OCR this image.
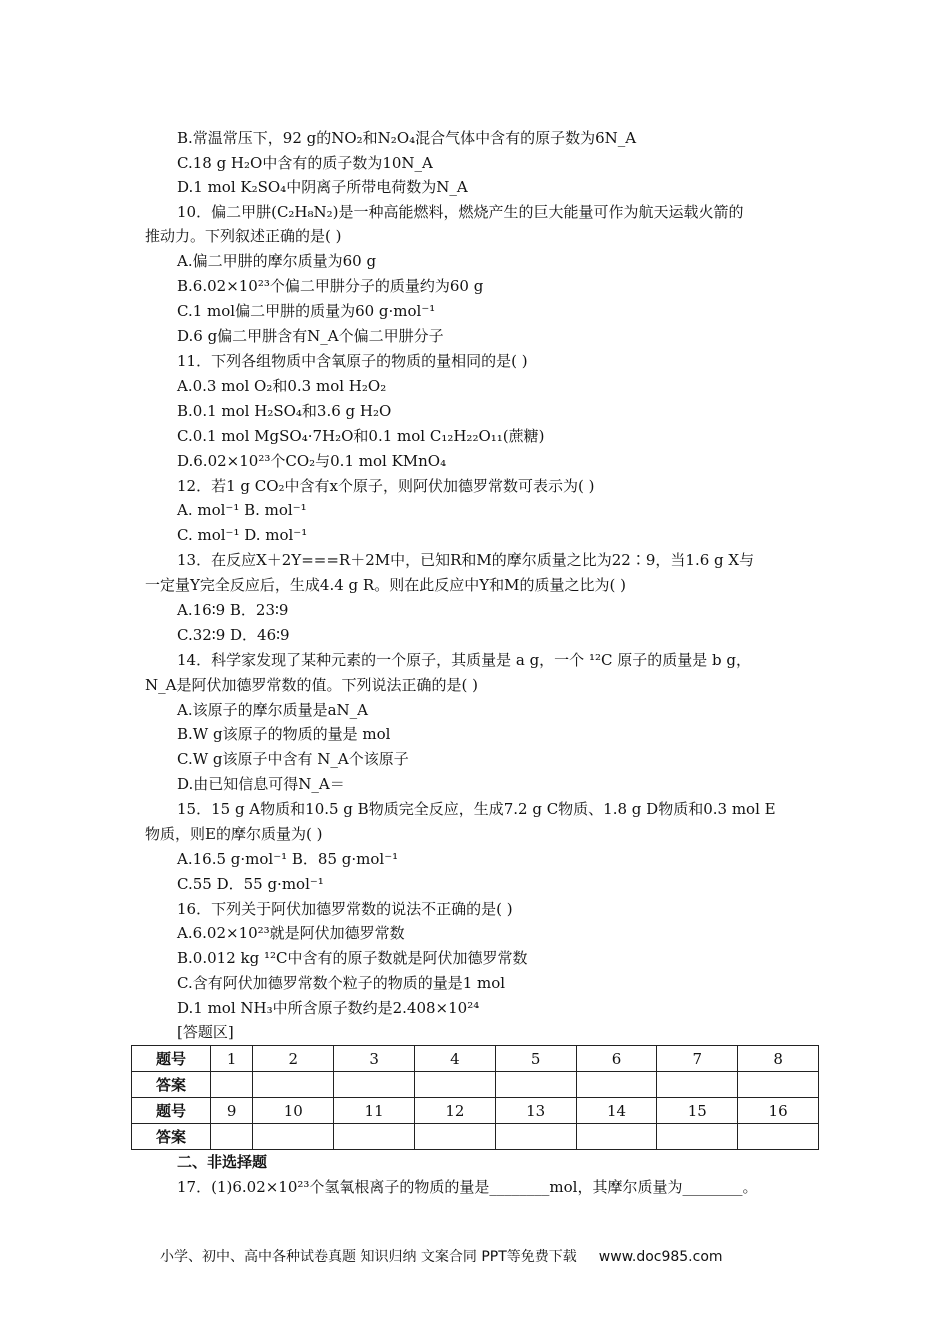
B.常温常压下，92 g的NO₂和N₂O₄混合气体中含有的原子数为6N_A
C.18 g H₂O中含有的质子数为10N_A
D.1 mol K₂SO₄中阴离子所带电荷数为N_A
10．偏二甲肼(C₂H₈N₂)是一种高能燃料，燃烧产生的巨大能量可作为航天运载火箭的
推动力。下列叙述正确的是( )
A.偏二甲肼的摩尔质量为60 g
B.6.02×10²³个偏二甲肼分子的质量约为60 g
C.1 mol偏二甲肼的质量为60 g·mol⁻¹
D.6 g偏二甲肼含有N_A个偏二甲肼分子
11．下列各组物质中含氧原子的物质的量相同的是( )
A.0.3 mol O₂和0.3 mol H₂O₂
B.0.1 mol H₂SO₄和3.6 g H₂O
C.0.1 mol MgSO₄·7H₂O和0.1 mol C₁₂H₂₂O₁₁(蔗糖)
D.6.02×10²³个CO₂与0.1 mol KMnO₄
12．若1 g CO₂中含有x个原子，则阿伏加德罗常数可表示为( )
A. mol⁻¹ B. mol⁻¹
C. mol⁻¹ D. mol⁻¹
13．在反应X＋2Y===R＋2M中，已知R和M的摩尔质量之比为22∶9，当1.6 g X与
一定量Y完全反应后，生成4.4 g R。则在此反应中Y和M的质量之比为( )
A.16∶9 B．23∶9
C.32∶9 D．46∶9
14．科学家发现了某种元素的一个原子，其质量是 a g，一个 ¹²C 原子的质量是 b g，
N_A是阿伏加德罗常数的值。下列说法正确的是( )
A.该原子的摩尔质量是aN_A
B.W g该原子的物质的量是 mol
C.W g该原子中含有 N_A个该原子
D.由已知信息可得N_A＝
15．15 g A物质和10.5 g B物质完全反应，生成7.2 g C物质、1.8 g D物质和0.3 mol E
物质，则E的摩尔质量为( )
A.16.5 g·mol⁻¹ B．85 g·mol⁻¹
C.55 D．55 g·mol⁻¹
16．下列关于阿伏加德罗常数的说法不正确的是( )
A.6.02×10²³就是阿伏加德罗常数
B.0.012 kg ¹²C中含有的原子数就是阿伏加德罗常数
C.含有阿伏加德罗常数个粒子的物质的量是1 mol
D.1 mol NH₃中所含原子数约是2.408×10²⁴
[答题区]
题号	1	2	3	4	5	6	7	8
答案								
题号	9	10	11	12	13	14	15	16
答案								
二、非选择题
17．(1)6.02×10²³个氢氧根离子的物质的量是________mol，其摩尔质量为________。
小学、初中、高中各种试卷真题 知识归纳 文案合同 PPT等免费下载 www.doc985.com
